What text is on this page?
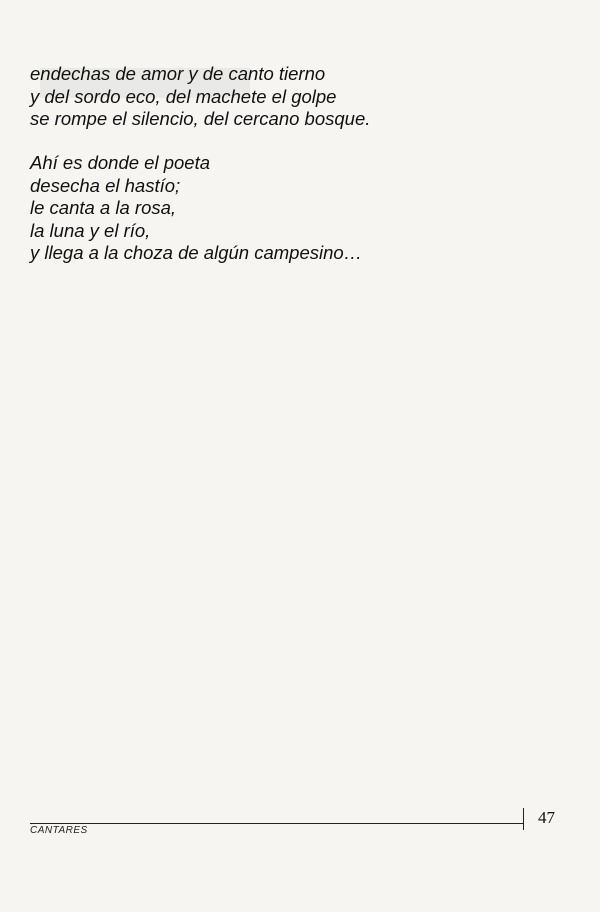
endechas de amor y de canto tierno
y del sordo eco, del machete el golpe
se rompe el silencio, del cercano bosque.

Ahí es donde el poeta
desecha el hastío;
le canta a la rosa,
la luna y el río,
y llega a la choza de algún campesino…

CANTARES
47
